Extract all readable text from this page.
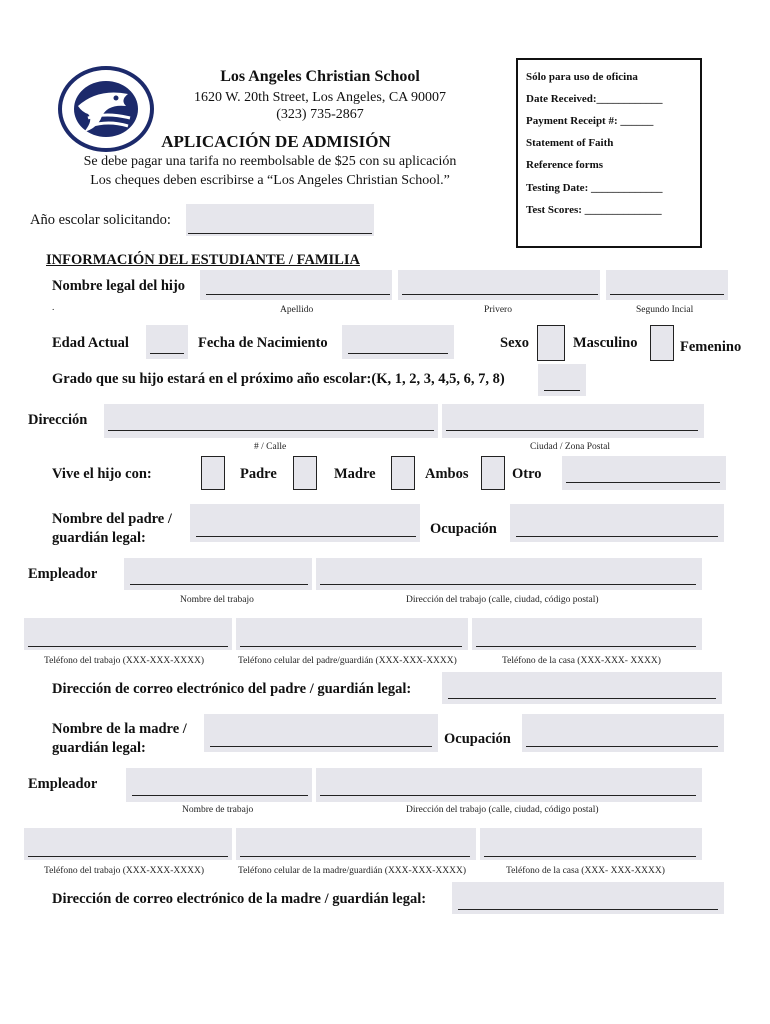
Los Angeles Christian School
1620 W. 20th Street, Los Angeles, CA 90007
(323) 735-2867
APLICACIÓN DE ADMISIÓN
Se debe pagar una tarifa no reembolsable de $25 con su aplicación
Los cheques deben escribirse a “Los Angeles Christian School.”
Sólo para uso de oficina
Date Received:____________
Payment Receipt #: ______
Statement of Faith
Reference forms
Testing Date: _____________
Test Scores: ______________
Año escolar solicitando:
INFORMACIÓN DEL ESTUDIANTE / FAMILIA
Nombre legal del hijo
.	Apellido	Privero	Segundo Incial
Edad Actual	Fecha de Nacimiento	Sexo	Masculino	Femenino
Grado que su hijo estará en el próximo año escolar:(K, 1, 2, 3, 4,5, 6, 7, 8)
Dirección
# / Calle	Ciudad / Zona Postal
Vive el hijo con:	Padre	Madre	Ambos	Otro
Nombre del padre /
guardián legal:
Ocupación
Empleador
Nombre del trabajo	Dirección del trabajo (calle, ciudad, código postal)
Teléfono del trabajo (XXX-XXX-XXXX)	Teléfono celular del padre/guardián (XXX-XXX-XXXX)	Teléfono de la casa (XXX-XXX- XXXX)
Dirección de correo electrónico del padre / guardián legal:
Nombre de la madre /
guardián legal:
Ocupación
Empleador
Nombre de trabajo	Dirección del trabajo (calle, ciudad, código postal)
Teléfono del trabajo (XXX-XXX-XXXX)	Teléfono celular de la madre/guardián (XXX-XXX-XXXX)	Teléfono de la casa (XXX- XXX-XXXX)
Dirección de correo electrónico de la madre / guardián legal:
